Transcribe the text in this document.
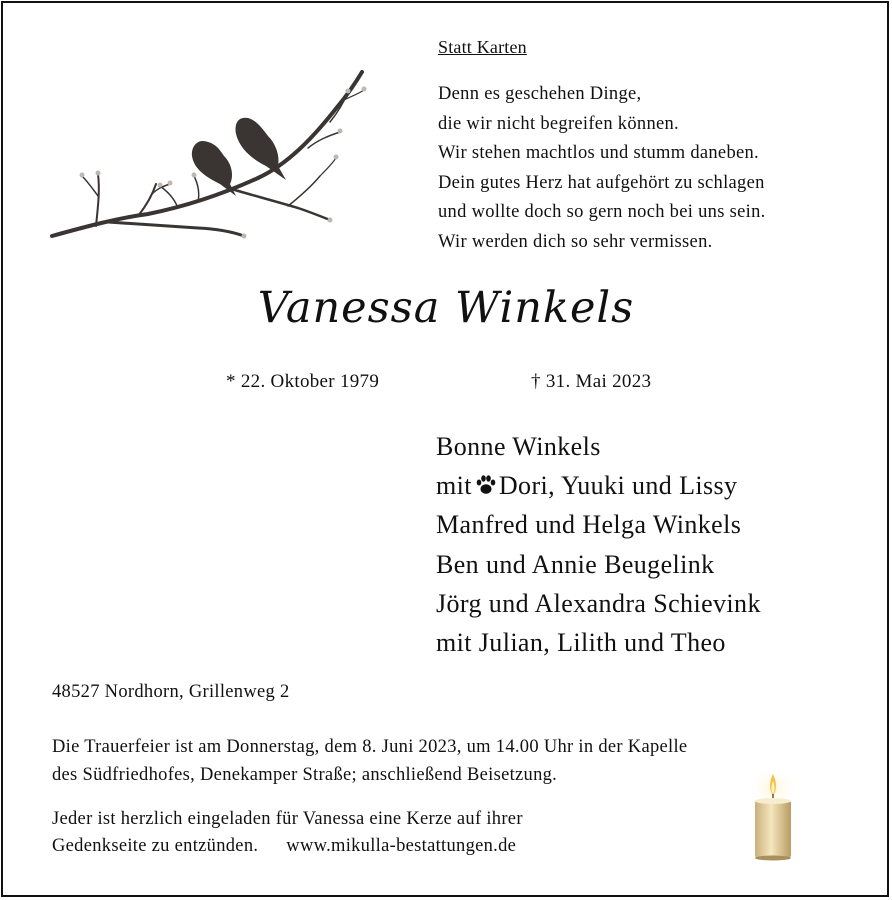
Statt Karten
Denn es geschehen Dinge,
die wir nicht begreifen können.
Wir stehen machtlos und stumm daneben.
Dein gutes Herz hat aufgehört zu schlagen
und wollte doch so gern noch bei uns sein.
Wir werden dich so sehr vermissen.
Vanessa Winkels
* 22. Oktober 1979	† 31. Mai 2023
Bonne Winkels
mit Dori, Yuuki und Lissy
Manfred und Helga Winkels
Ben und Annie Beugelink
Jörg und Alexandra Schievink
mit Julian, Lilith und Theo
48527 Nordhorn, Grillenweg 2
Die Trauerfeier ist am Donnerstag, dem 8. Juni 2023, um 14.00 Uhr in der Kapelle
des Südfriedhofes, Denekamper Straße; anschließend Beisetzung.
Jeder ist herzlich eingeladen für Vanessa eine Kerze auf ihrer
Gedenkseite zu entzünden. www.mikulla-bestattungen.de
